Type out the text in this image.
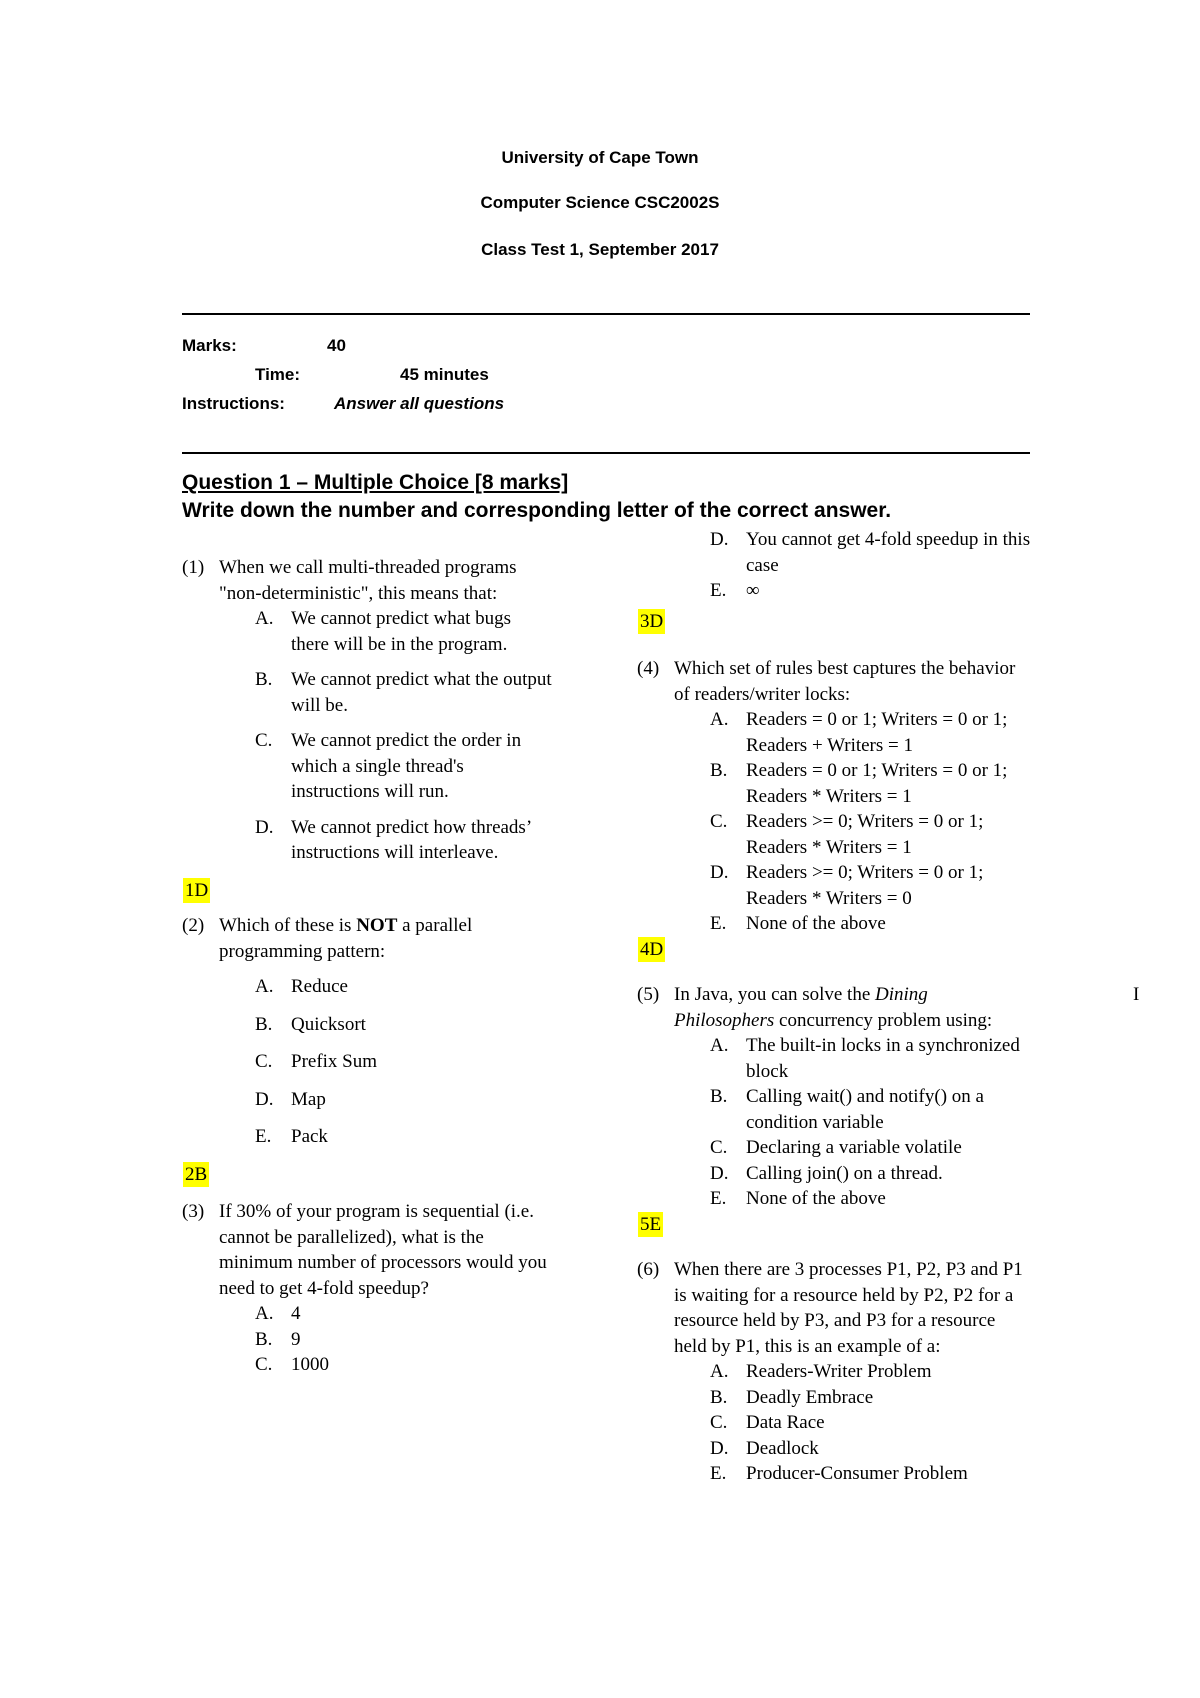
University of Cape Town
Computer Science CSC2002S
Class Test 1, September 2017
Marks:	40
Time:	45 minutes
Instructions:	Answer all questions
Question 1 – Multiple Choice [8 marks]
Write down the number and corresponding letter of the correct answer.
(1) When we call multi-threaded programs "non-deterministic", this means that:
A. We cannot predict what bugs there will be in the program.
B. We cannot predict what the output will be.
C. We cannot predict the order in which a single thread's instructions will run.
D. We cannot predict how threads’ instructions will interleave.
1D
(2) Which of these is NOT a parallel programming pattern:
A. Reduce
B. Quicksort
C. Prefix Sum
D. Map
E. Pack
2B
(3) If 30% of your program is sequential (i.e. cannot be parallelized), what is the minimum number of processors would you need to get 4-fold speedup?
A. 4
B. 9
C. 1000
D. You cannot get 4-fold speedup in this case
E. ∞
3D
(4) Which set of rules best captures the behavior of readers/writer locks:
A. Readers = 0 or 1; Writers = 0 or 1; Readers + Writers = 1
B. Readers = 0 or 1; Writers = 0 or 1; Readers * Writers = 1
C. Readers >= 0; Writers = 0 or 1; Readers * Writers = 1
D. Readers >= 0; Writers = 0 or 1; Readers * Writers = 0
E. None of the above
4D
(5) In Java, you can solve the Dining Philosophers concurrency problem using:
A. The built-in locks in a synchronized block
B. Calling wait() and notify() on a condition variable
C. Declaring a variable volatile
D. Calling join() on a thread.
E. None of the above
5E
(6) When there are 3 processes P1, P2, P3 and P1 is waiting for a resource held by P2, P2 for a resource held by P3, and P3 for a resource held by P1, this is an example of a:
A. Readers-Writer Problem
B. Deadly Embrace
C. Data Race
D. Deadlock
E. Producer-Consumer Problem
I
